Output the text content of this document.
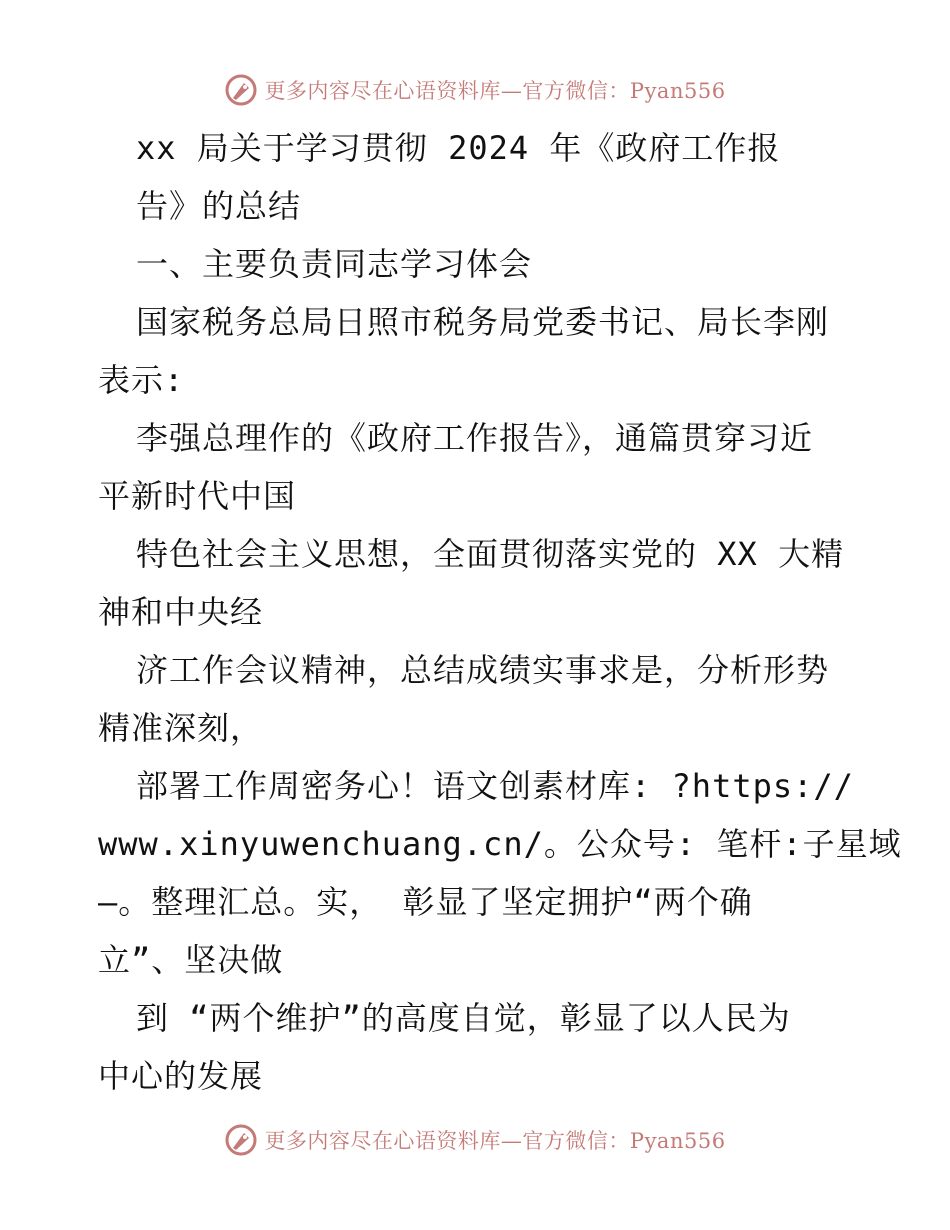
更多内容尽在心语资料库—官方微信：Pyan556
xx 局关于学习贯彻 2024 年《政府工作报
告》的总结
一、主要负责同志学习体会
国家税务总局日照市税务局党委书记、局长李刚
表示:
李强总理作的《政府工作报告》，通篇贯穿习近
平新时代中国
特色社会主义思想，全面贯彻落实党的 XX 大精
神和中央经
济工作会议精神，总结成绩实事求是，分析形势
精准深刻，
部署工作周密务心！语文创素材库: ?https://
www.xinyuwenchuang.cn/。公众号: 笔杆:子星域
—。整理汇总。实， 彰显了坚定拥护“两个确
立”、坚决做
到 “两个维护”的高度自觉，彰显了以人民为
中心的发展
更多内容尽在心语资料库—官方微信：Pyan556
